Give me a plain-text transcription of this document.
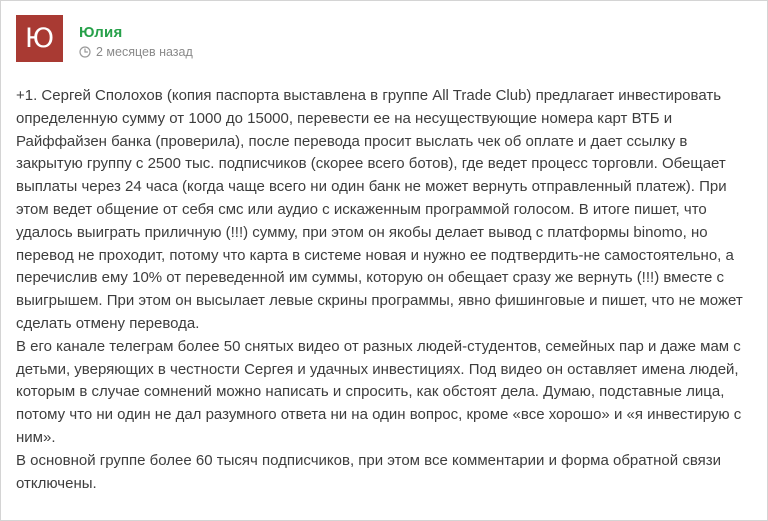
Ю	Юлия
2 месяцев назад

+1. Сергей Сполохов (копия паспорта выставлена в группе All Trade Club) предлагает инвестировать определенную сумму от 1000 до 15000, перевести ее на несуществующие номера карт ВТБ и Райффайзен банка (проверила), после перевода просит выслать чек об оплате и дает ссылку в закрытую группу с 2500 тыс. подписчиков (скорее всего ботов), где ведет процесс торговли. Обещает выплаты через 24 часа (когда чаще всего ни один банк не может вернуть отправленный платеж). При этом ведет общение от себя смс или аудио с искаженным программой голосом. В итоге пишет, что удалось выиграть приличную (!!!) сумму, при этом он якобы делает вывод с платформы binomo, но перевод не проходит, потому что карта в системе новая и нужно ее подтвердить-не самостоятельно, а перечислив ему 10% от переведенной им суммы, которую он обещает сразу же вернуть (!!!) вместе с выигрышем. При этом он высылает левые скрины программы, явно фишинговые и пишет, что не может сделать отмену перевода.

В его канале телеграм более 50 снятых видео от разных людей-студентов, семейных пар и даже мам с детьми, уверяющих в честности Сергея и удачных инвестициях. Под видео он оставляет имена людей, которым в случае сомнений можно написать и спросить, как обстоят дела. Думаю, подставные лица, потому что ни один не дал разумного ответа ни на один вопрос, кроме «все хорошо» и «я инвестирую с ним».

В основной группе более 60 тысяч подписчиков, при этом все комментарии и форма обратной связи отключены.
